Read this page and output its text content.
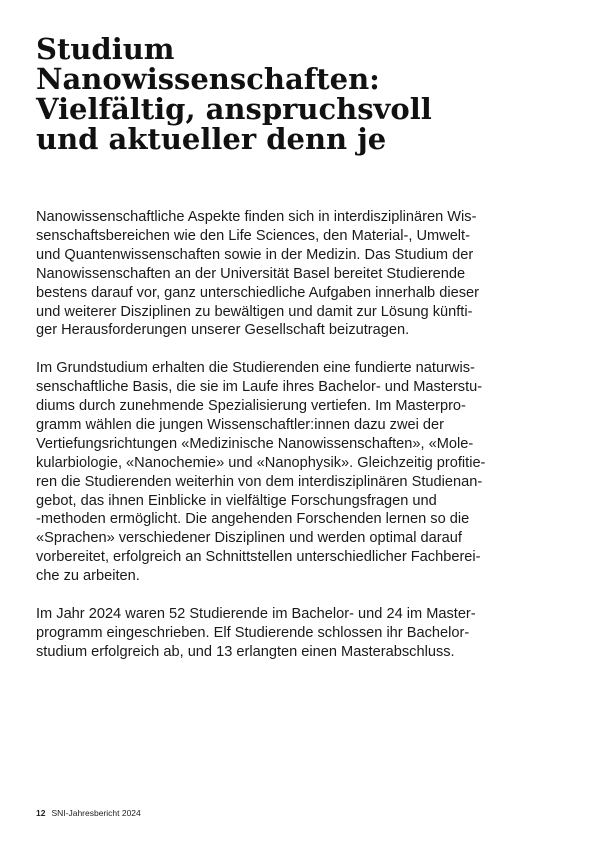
Studium
Nanowissenschaften:
Vielfältig, anspruchsvoll
und aktueller denn je

Nanowissenschaftliche Aspekte finden sich in interdisziplinären Wis-
senschaftsbereichen wie den Life Sciences, den Material-, Umwelt-
und Quantenwissenschaften sowie in der Medizin. Das Studium der
Nanowissenschaften an der Universität Basel bereitet Studierende
bestens darauf vor, ganz unterschiedliche Aufgaben innerhalb dieser
und weiterer Disziplinen zu bewältigen und damit zur Lösung künfti-
ger Herausforderungen unserer Gesellschaft beizutragen.

Im Grundstudium erhalten die Studierenden eine fundierte naturwis-
senschaftliche Basis, die sie im Laufe ihres Bachelor- und Masterstu-
diums durch zunehmende Spezialisierung vertiefen. Im Masterpro-
gramm wählen die jungen Wissenschaftler:innen dazu zwei der
Vertiefungsrichtungen «Medizinische Nanowissenschaften», «Mole-
kularbiologie, «Nanochemie» und «Nanophysik». Gleichzeitig profitie-
ren die Studierenden weiterhin von dem interdisziplinären Studienan-
gebot, das ihnen Einblicke in vielfältige Forschungsfragen und
-methoden ermöglicht. Die angehenden Forschenden lernen so die
«Sprachen» verschiedener Disziplinen und werden optimal darauf
vorbereitet, erfolgreich an Schnittstellen unterschiedlicher Fachberei-
che zu arbeiten.

Im Jahr 2024 waren 52 Studierende im Bachelor- und 24 im Master-
programm eingeschrieben. Elf Studierende schlossen ihr Bachelor-
studium erfolgreich ab, und 13 erlangten einen Masterabschluss.

12 SNI-Jahresbericht 2024
